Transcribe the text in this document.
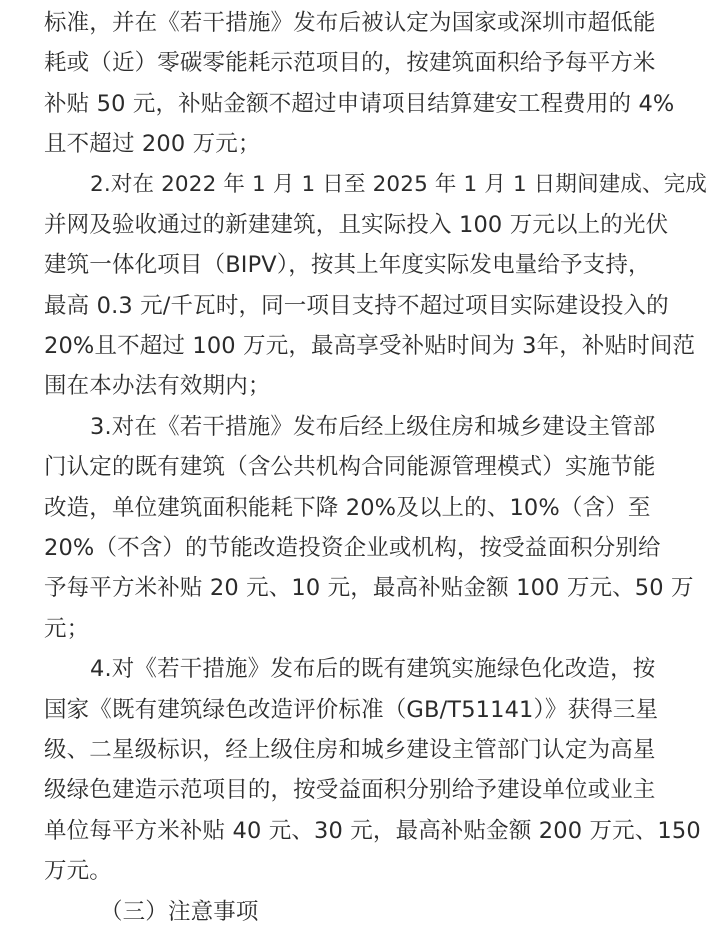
标准，并在《若干措施》发布后被认定为国家或深圳市超低能
耗或（近）零碳零能耗示范项目的，按建筑面积给予每平方米
补贴 50 元，补贴金额不超过申请项目结算建安工程费用的 4%
且不超过 200 万元；
2.对在 2022 年 1 月 1 日至 2025 年 1 月 1 日期间建成、完成
并网及验收通过的新建建筑，且实际投入 100 万元以上的光伏
建筑一体化项目（BIPV），按其上年度实际发电量给予支持，
最高 0.3 元/千瓦时，同一项目支持不超过项目实际建设投入的
20%且不超过 100 万元，最高享受补贴时间为 3年，补贴时间范
围在本办法有效期内；
3.对在《若干措施》发布后经上级住房和城乡建设主管部
门认定的既有建筑（含公共机构合同能源管理模式）实施节能
改造，单位建筑面积能耗下降 20%及以上的、10%（含）至
20%（不含）的节能改造投资企业或机构，按受益面积分别给
予每平方米补贴 20 元、10 元，最高补贴金额 100 万元、50 万
元；
4.对《若干措施》发布后的既有建筑实施绿色化改造，按
国家《既有建筑绿色改造评价标准（GB/T51141）》获得三星
级、二星级标识，经上级住房和城乡建设主管部门认定为高星
级绿色建造示范项目的，按受益面积分别给予建设单位或业主
单位每平方米补贴 40 元、30 元，最高补贴金额 200 万元、150
万元。
（三）注意事项
